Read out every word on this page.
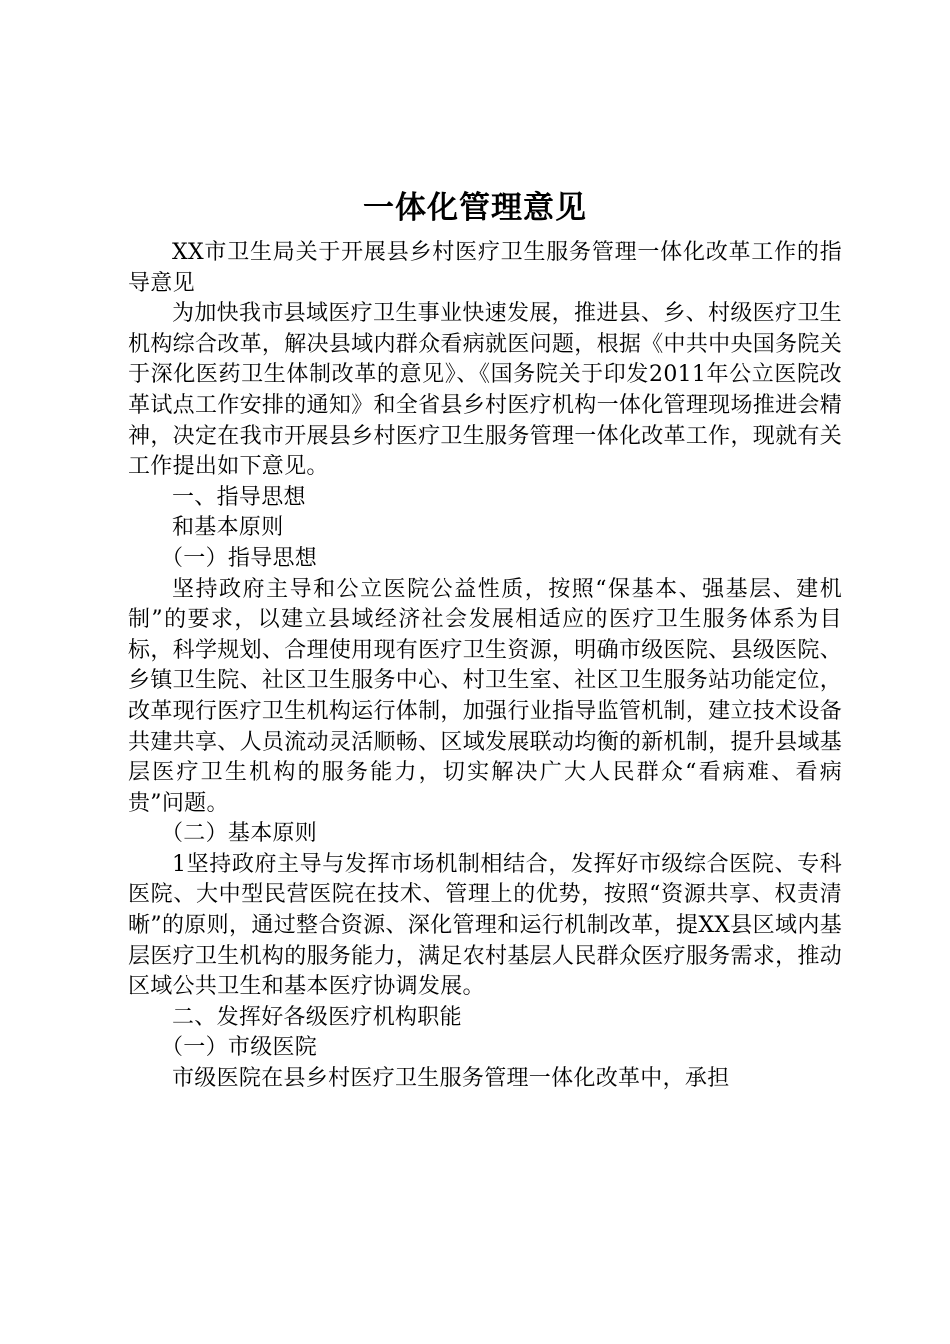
一体化管理意见

XX市卫生局关于开展县乡村医疗卫生服务管理一体化改革工作的指导意见

为加快我市县域医疗卫生事业快速发展，推进县、乡、村级医疗卫生机构综合改革，解决县域内群众看病就医问题，根据《中共中央国务院关于深化医药卫生体制改革的意见》、《国务院关于印发2011年公立医院改革试点工作安排的通知》和全省县乡村医疗机构一体化管理现场推进会精神，决定在我市开展县乡村医疗卫生服务管理一体化改革工作，现就有关工作提出如下意见。

一、指导思想

和基本原则

（一）指导思想

坚持政府主导和公立医院公益性质，按照“保基本、强基层、建机制”的要求，以建立县域经济社会发展相适应的医疗卫生服务体系为目标，科学规划、合理使用现有医疗卫生资源，明确市级医院、县级医院、乡镇卫生院、社区卫生服务中心、村卫生室、社区卫生服务站功能定位，改革现行医疗卫生机构运行体制，加强行业指导监管机制，建立技术设备共建共享、人员流动灵活顺畅、区域发展联动均衡的新机制，提升县域基层医疗卫生机构的服务能力，切实解决广大人民群众“看病难、看病贵”问题。

（二）基本原则

1坚持政府主导与发挥市场机制相结合，发挥好市级综合医院、专科医院、大中型民营医院在技术、管理上的优势，按照“资源共享、权责清晰”的原则，通过整合资源、深化管理和运行机制改革，提XX县区域内基层医疗卫生机构的服务能力，满足农村基层人民群众医疗服务需求，推动区域公共卫生和基本医疗协调发展。

二、发挥好各级医疗机构职能

（一）市级医院

市级医院在县乡村医疗卫生服务管理一体化改革中，承担
